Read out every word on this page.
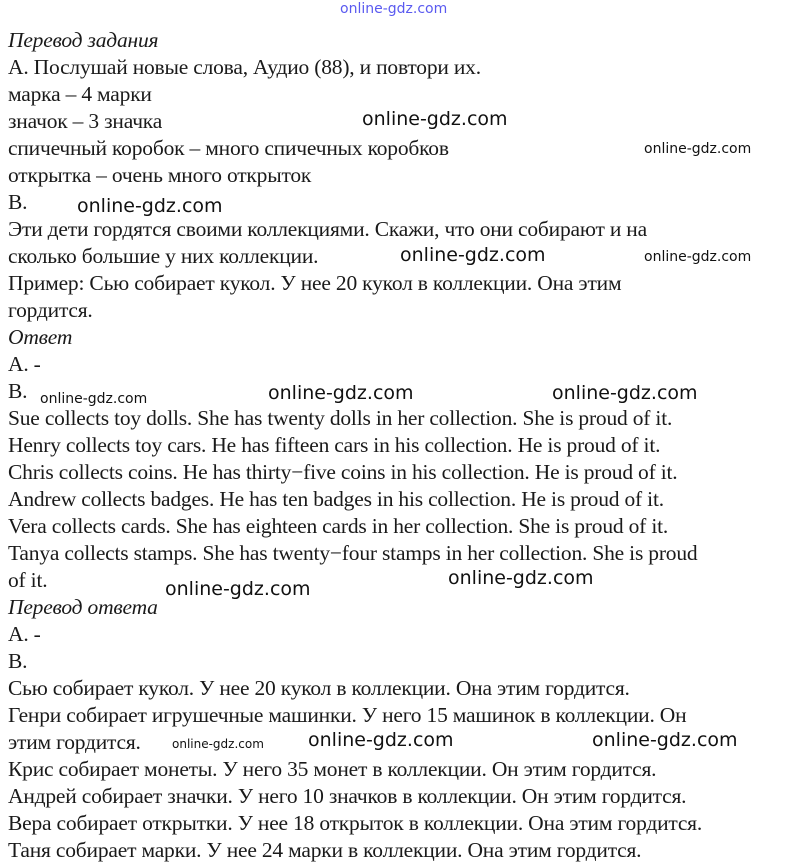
Перевод задания
А. Послушай новые слова, Аудио (88), и повтори их.
марка – 4 марки
значок – 3 значка
спичечный коробок – много спичечных коробков
открытка – очень много открыток
В.
Эти дети гордятся своими коллекциями. Скажи, что они собирают и на
сколько большие у них коллекции.
Пример: Сью собирает кукол. У нее 20 кукол в коллекции. Она этим
гордится.
Ответ
A. -
B.
Sue collects toy dolls. She has twenty dolls in her collection. She is proud of it.
Henry collects toy cars. He has fifteen cars in his collection. He is proud of it.
Chris collects coins. He has thirty−five coins in his collection. He is proud of it.
Andrew collects badges. He has ten badges in his collection. He is proud of it.
Vera collects cards. She has eighteen cards in her collection. She is proud of it.
Tanya collects stamps. She has twenty−four stamps in her collection. She is proud
of it.
Перевод ответа
А. -
В.
Сью собирает кукол. У нее 20 кукол в коллекции. Она этим гордится.
Генри собирает игрушечные машинки. У него 15 машинок в коллекции. Он
этим гордится.
Крис собирает монеты. У него 35 монет в коллекции. Он этим гордится.
Андрей собирает значки. У него 10 значков в коллекции. Он этим гордится.
Вера собирает открытки. У нее 18 открыток в коллекции. Она этим гордится.
Таня собирает марки. У нее 24 марки в коллекции. Она этим гордится.
online-gdz.com
online-gdz.com
online-gdz.com
online-gdz.com
online-gdz.com	online-gdz.com
online-gdz.com	online-gdz.com	online-gdz.com
online-gdz.com
online-gdz.com
online-gdz.com	online-gdz.com
online-gdz.com
